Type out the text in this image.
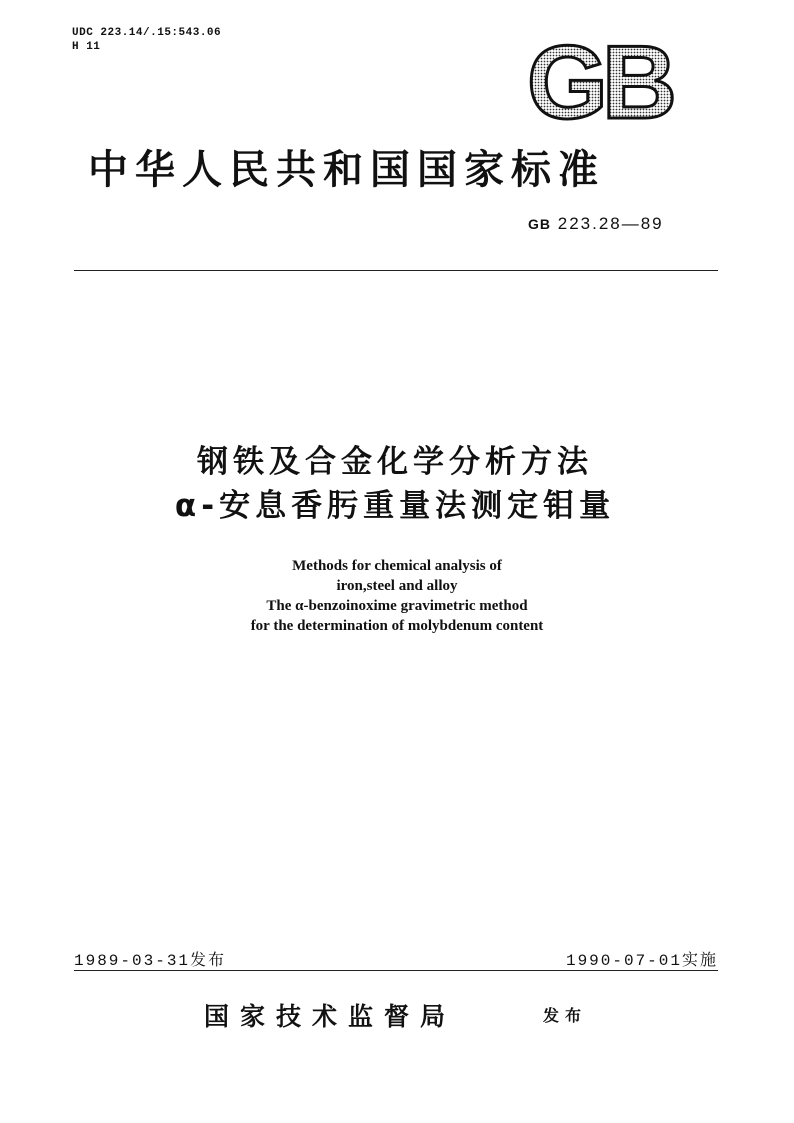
UDC 223.14/.15:543.06
H 11	GB
中华人民共和国国家标准
GB 223.28—89
钢铁及合金化学分析方法
α-安息香肟重量法测定钼量
Methods for chemical analysis of
iron,steel and alloy
The α-benzoinoxime gravimetric method
for the determination of molybdenum content
1989-03-31发布	1990-07-01实施
国家技术监督局	发布
